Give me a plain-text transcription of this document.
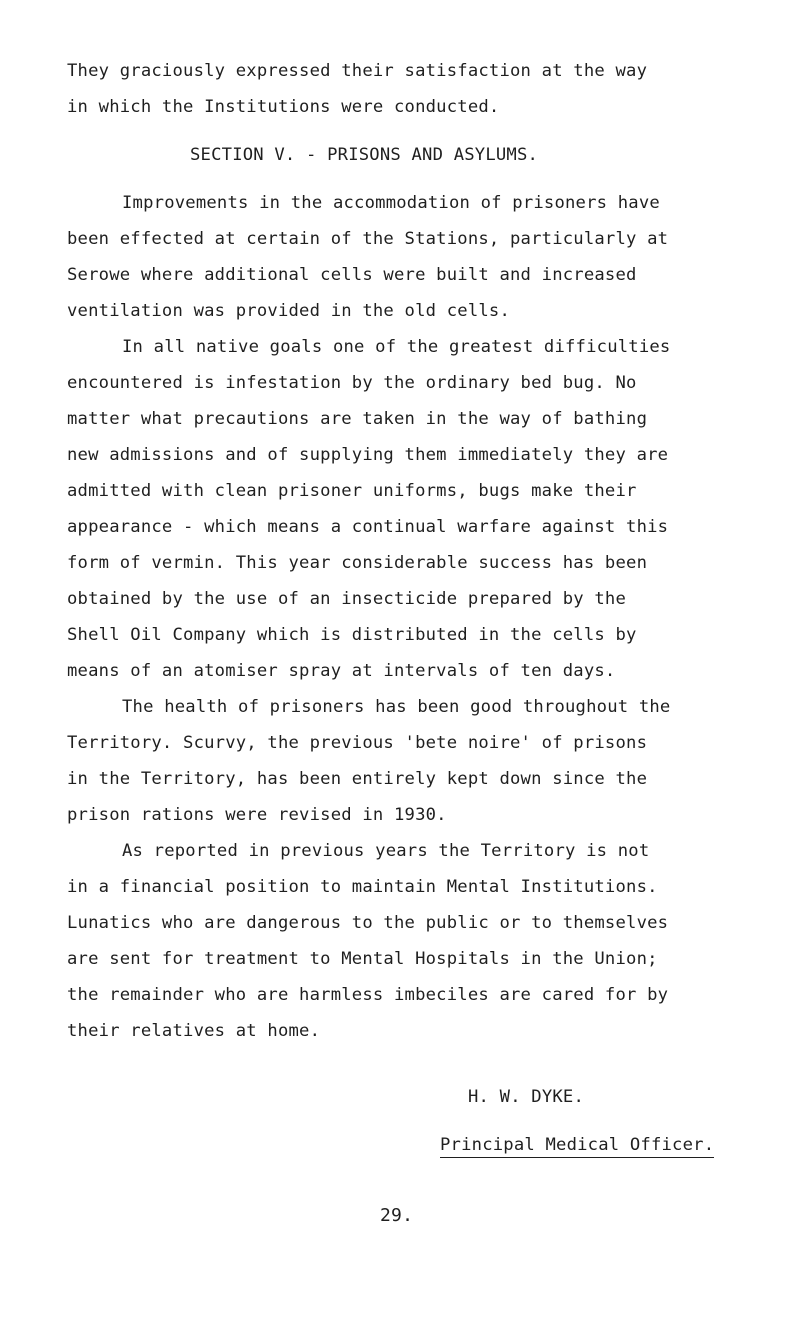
They graciously expressed their satisfaction at the way
in which the Institutions were conducted.
SECTION V. - PRISONS AND ASYLUMS.
Improvements in the accommodation of prisoners have
been effected at certain of the Stations, particularly at
Serowe where additional cells were built and increased
ventilation was provided in the old cells.
In all native goals one of the greatest difficulties
encountered is infestation by the ordinary bed bug. No
matter what precautions are taken in the way of bathing
new admissions and of supplying them immediately they are
admitted with clean prisoner uniforms, bugs make their
appearance - which means a continual warfare against this
form of vermin. This year considerable success has been
obtained by the use of an insecticide prepared by the
Shell Oil Company which is distributed in the cells by
means of an atomiser spray at intervals of ten days.
The health of prisoners has been good throughout the
Territory. Scurvy, the previous 'bete noire' of prisons
in the Territory, has been entirely kept down since the
prison rations were revised in 1930.
As reported in previous years the Territory is not
in a financial position to maintain Mental Institutions.
Lunatics who are dangerous to the public or to themselves
are sent for treatment to Mental Hospitals in the Union;
the remainder who are harmless imbeciles are cared for by
their relatives at home.
H. W. DYKE.
Principal Medical Officer.
29.
